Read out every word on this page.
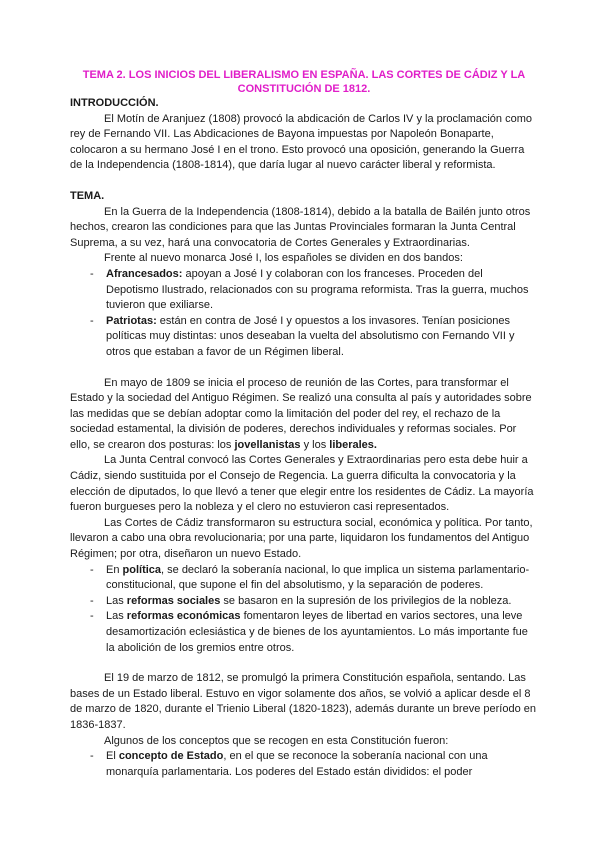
TEMA 2. LOS INICIOS DEL LIBERALISMO EN ESPAÑA. LAS CORTES DE CÁDIZ Y LA CONSTITUCIÓN DE 1812.

INTRODUCCIÓN.

El Motín de Aranjuez (1808) provocó la abdicación de Carlos IV y la proclamación como rey de Fernando VII. Las Abdicaciones de Bayona impuestas por Napoleón Bonaparte, colocaron a su hermano José I en el trono. Esto provocó una oposición, generando la Guerra de la Independencia (1808-1814), que daría lugar al nuevo carácter liberal y reformista.

TEMA.

En la Guerra de la Independencia (1808-1814), debido a la batalla de Bailén junto otros hechos, crearon las condiciones para que las Juntas Provinciales formaran la Junta Central Suprema, a su vez, hará una convocatoria de Cortes Generales y Extraordinarias.

Frente al nuevo monarca José I, los españoles se dividen en dos bandos:

- Afrancesados: apoyan a José I y colaboran con los franceses. Proceden del Depotismo Ilustrado, relacionados con su programa reformista. Tras la guerra, muchos tuvieron que exiliarse.
- Patriotas: están en contra de José I y opuestos a los invasores. Tenían posiciones políticas muy distintas: unos deseaban la vuelta del absolutismo con Fernando VII y otros que estaban a favor de un Régimen liberal.

En mayo de 1809 se inicia el proceso de reunión de las Cortes, para transformar el Estado y la sociedad del Antiguo Régimen. Se realizó una consulta al país y autoridades sobre las medidas que se debían adoptar como la limitación del poder del rey, el rechazo de la sociedad estamental, la división de poderes, derechos individuales y reformas sociales. Por ello, se crearon dos posturas: los jovellanistas y los liberales.

La Junta Central convocó las Cortes Generales y Extraordinarias pero esta debe huir a Cádiz, siendo sustituida por el Consejo de Regencia. La guerra dificulta la convocatoria y la elección de diputados, lo que llevó a tener que elegir entre los residentes de Cádiz. La mayoría fueron burgueses pero la nobleza y el clero no estuvieron casi representados.

Las Cortes de Cádiz transformaron su estructura social, económica y política. Por tanto, llevaron a cabo una obra revolucionaria; por una parte, liquidaron los fundamentos del Antiguo Régimen; por otra, diseñaron un nuevo Estado.

- En política, se declaró la soberanía nacional, lo que implica un sistema parlamentario-constitucional, que supone el fin del absolutismo, y la separación de poderes.
- Las reformas sociales se basaron en la supresión de los privilegios de la nobleza.
- Las reformas económicas fomentaron leyes de libertad en varios sectores, una leve desamortización eclesiástica y de bienes de los ayuntamientos. Lo más importante fue la abolición de los gremios entre otros.

El 19 de marzo de 1812, se promulgó la primera Constitución española, sentando. Las bases de un Estado liberal. Estuvo en vigor solamente dos años, se volvió a aplicar desde el 8 de marzo de 1820, durante el Trienio Liberal (1820-1823), además durante un breve período en 1836-1837.

Algunos de los conceptos que se recogen en esta Constitución fueron:

- El concepto de Estado, en el que se reconoce la soberanía nacional con una monarquía parlamentaria. Los poderes del Estado están divididos: el poder
